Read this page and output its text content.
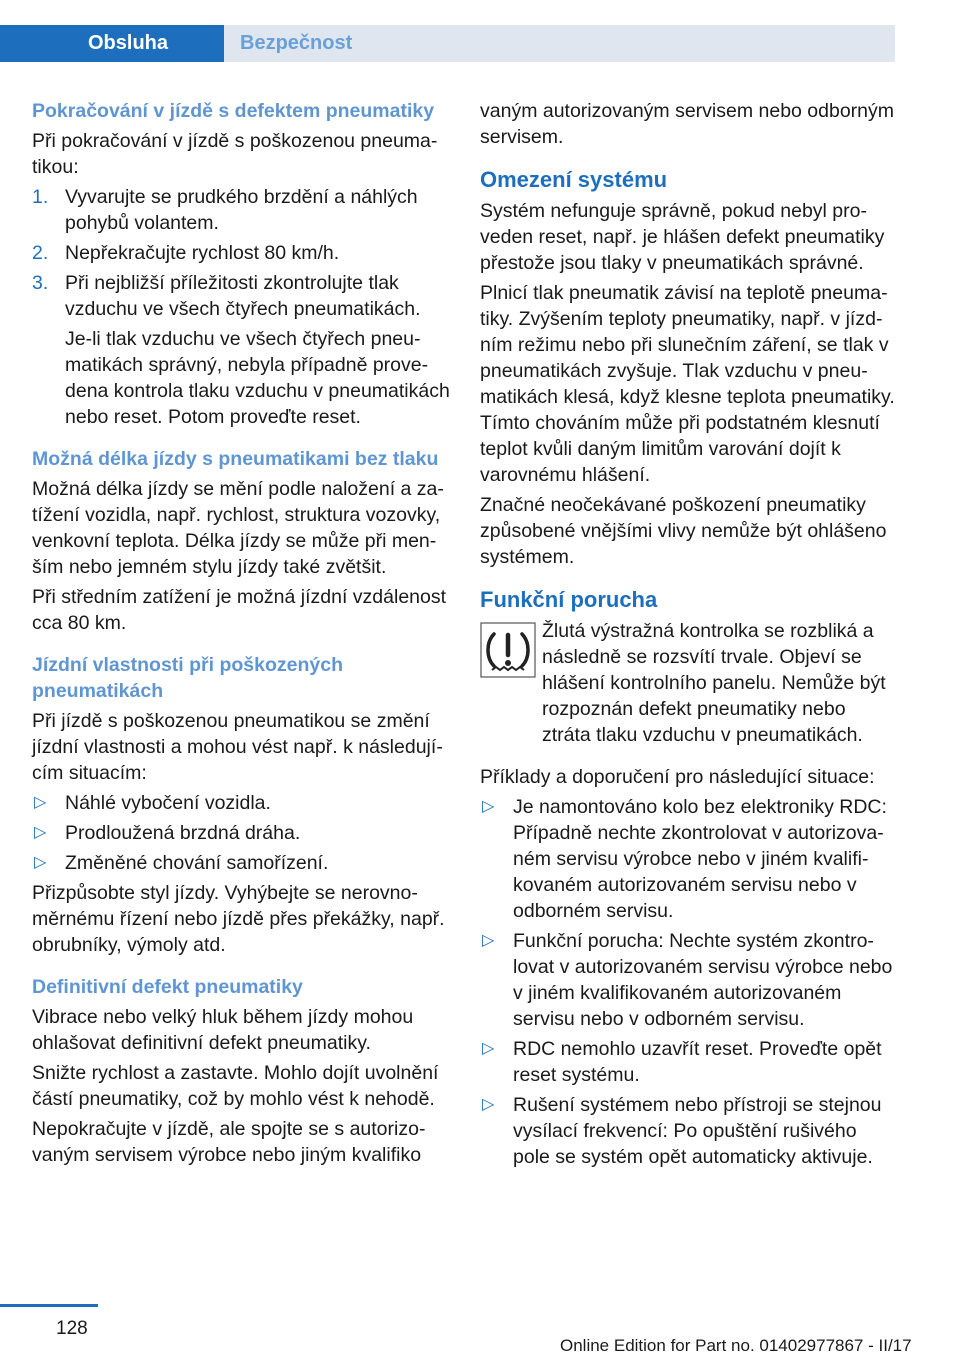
Obsluha	Bezpečnost
Pokračování v jízdě s defektem pneumatiky
Při pokračování v jízdě s poškozenou pneumatikou:
1. Vyvarujte se prudkého brzdění a náhlých pohybů volantem.
2. Nepřekračujte rychlost 80 km/h.
3. Při nejbližší příležitosti zkontrolujte tlak vzduchu ve všech čtyřech pneumatikách.
Je-li tlak vzduchu ve všech čtyřech pneumatikách správný, nebyla případně provedena kontrola tlaku vzduchu v pneumatikách nebo reset. Potom proveďte reset.
Možná délka jízdy s pneumatikami bez tlaku
Možná délka jízdy se mění podle naložení a zatížení vozidla, např. rychlost, struktura vozovky, venkovní teplota. Délka jízdy se může při menším nebo jemném stylu jízdy také zvětšit.
Při středním zatížení je možná jízdní vzdálenost cca 80 km.
Jízdní vlastnosti při poškozených pneumatikách
Při jízdě s poškozenou pneumatikou se změní jízdní vlastnosti a mohou vést např. k následujícím situacím:
▷ Náhlé vybočení vozidla.
▷ Prodloužená brzdná dráha.
▷ Změněné chování samořízení.
Přizpůsobte styl jízdy. Vyhýbejte se nerovnoměrnému řízení nebo jízdě přes překážky, např. obrubníky, výmoly atd.
Definitivní defekt pneumatiky
Vibrace nebo velký hluk během jízdy mohou ohlašovat definitivní defekt pneumatiky.
Snižte rychlost a zastavte. Mohlo dojít uvolnění částí pneumatiky, což by mohlo vést k nehodě.
Nepokračujte v jízdě, ale spojte se s autorizovaným servisem výrobce nebo jiným kvalifiko
vaným autorizovaným servisem nebo odborným servisem.
Omezení systému
Systém nefunguje správně, pokud nebyl proveden reset, např. je hlášen defekt pneumatiky přestože jsou tlaky v pneumatikách správné.
Plnicí tlak pneumatik závisí na teplotě pneumatiky. Zvýšením teploty pneumatiky, např. v jízdním režimu nebo při slunečním záření, se tlak v pneumatikách zvyšuje. Tlak vzduchu v pneumatikách klesá, když klesne teplota pneumatiky. Tímto chováním může při podstatném klesnutí teplot kvůli daným limitům varování dojít k varovnému hlášení.
Značné neočekávané poškození pneumatiky způsobené vnějšími vlivy nemůže být ohlášeno systémem.
Funkční porucha
Žlutá výstražná kontrolka se rozbliká a následně se rozsvítí trvale. Objeví se hlášení kontrolního panelu. Nemůže být rozpoznán defekt pneumatiky nebo ztráta tlaku vzduchu v pneumatikách.
Příklady a doporučení pro následující situace:
▷ Je namontováno kolo bez elektroniky RDC: Případně nechte zkontrolovat v autorizovaném servisu výrobce nebo v jiném kvalifikovaném autorizovaném servisu nebo v odborném servisu.
▷ Funkční porucha: Nechte systém zkontrolovat v autorizovaném servisu výrobce nebo v jiném kvalifikovaném autorizovaném servisu nebo v odborném servisu.
▷ RDC nemohlo uzavřít reset. Proveďte opět reset systému.
▷ Rušení systémem nebo přístroji se stejnou vysílací frekvencí: Po opuštění rušivého pole se systém opět automaticky aktivuje.
128
Online Edition for Part no. 01402977867 - II/17
